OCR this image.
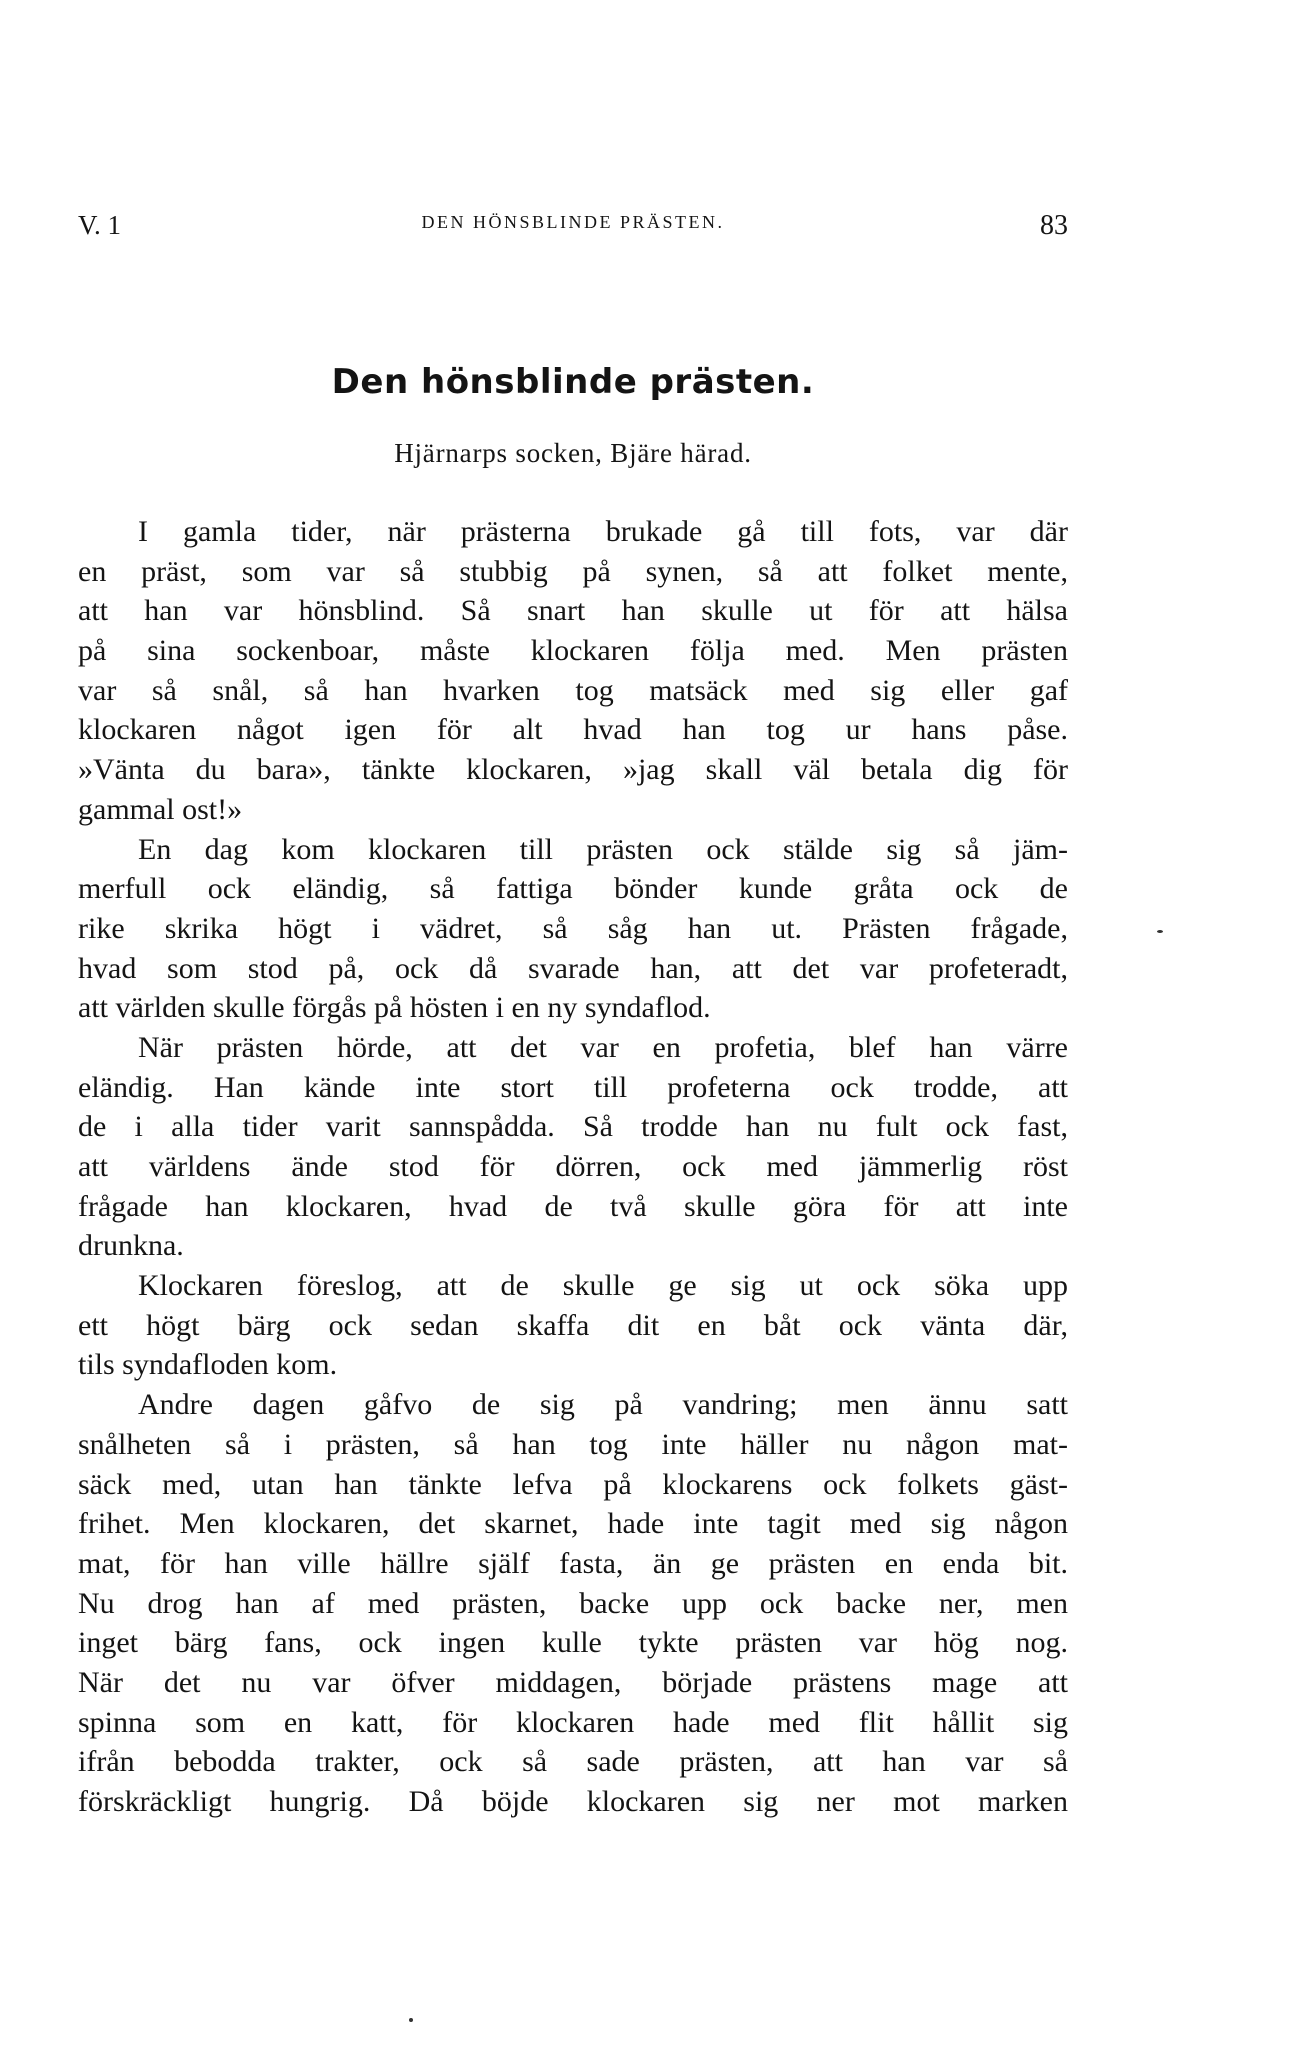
V. 1	DEN HÖNSBLINDE PRÄSTEN.	83
Den hönsblinde prästen.
Hjärnarps socken, Bjäre härad.
I gamla tider, när prästerna brukade gå till fots, var där
en präst, som var så stubbig på synen, så att folket mente,
att han var hönsblind. Så snart han skulle ut för att hälsa
på sina sockenboar, måste klockaren följa med. Men prästen
var så snål, så han hvarken tog matsäck med sig eller gaf
klockaren något igen för alt hvad han tog ur hans påse.
»Vänta du bara», tänkte klockaren, »jag skall väl betala dig för
gammal ost!»
En dag kom klockaren till prästen ock stälde sig så jäm-
merfull ock eländig, så fattiga bönder kunde gråta ock de
rike skrika högt i vädret, så såg han ut. Prästen frågade,
hvad som stod på, ock då svarade han, att det var profeteradt,
att världen skulle förgås på hösten i en ny syndaflod.
När prästen hörde, att det var en profetia, blef han värre
eländig. Han kände inte stort till profeterna ock trodde, att
de i alla tider varit sannspådda. Så trodde han nu fult ock fast,
att världens ände stod för dörren, ock med jämmerlig röst
frågade han klockaren, hvad de två skulle göra för att inte
drunkna.
Klockaren föreslog, att de skulle ge sig ut ock söka upp
ett högt bärg ock sedan skaffa dit en båt ock vänta där,
tils syndafloden kom.
Andre dagen gåfvo de sig på vandring; men ännu satt
snålheten så i prästen, så han tog inte häller nu någon mat-
säck med, utan han tänkte lefva på klockarens ock folkets gäst-
frihet. Men klockaren, det skarnet, hade inte tagit med sig någon
mat, för han ville hällre själf fasta, än ge prästen en enda bit.
Nu drog han af med prästen, backe upp ock backe ner, men
inget bärg fans, ock ingen kulle tykte prästen var hög nog.
När det nu var öfver middagen, började prästens mage att
spinna som en katt, för klockaren hade med flit hållit sig
ifrån bebodda trakter, ock så sade prästen, att han var så
förskräckligt hungrig. Då böjde klockaren sig ner mot marken
